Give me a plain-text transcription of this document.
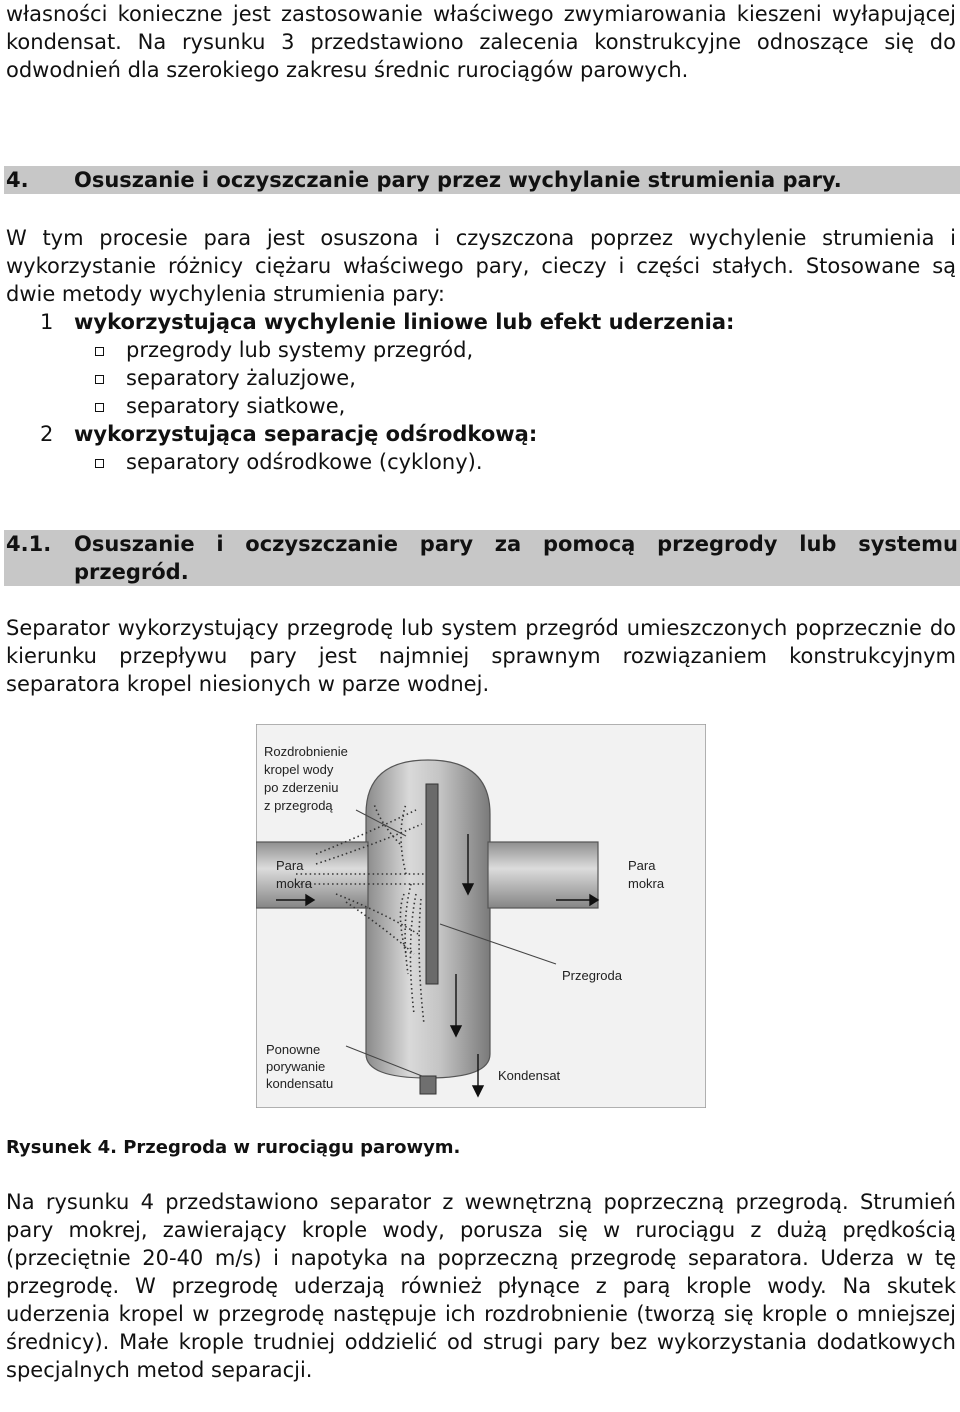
własności konieczne jest zastosowanie właściwego zwymiarowania kieszeni wyłapującej kondensat. Na rysunku 3 przedstawiono zalecenia konstrukcyjne odnoszące się do odwodnień dla szerokiego zakresu średnic rurociągów parowych.

4. Osuszanie i oczyszczanie pary przez wychylanie strumienia pary.

W tym procesie para jest osuszona i czyszczona poprzez wychylenie strumienia i wykorzystanie różnicy ciężaru właściwego pary, cieczy i części stałych. Stosowane są dwie metody wychylenia strumienia pary:

1 wykorzystująca wychylenie liniowe lub efekt uderzenia:
przegrody lub systemy przegród,
separatory żaluzjowe,
separatory siatkowe,
2 wykorzystująca separację odśrodkową:
separatory odśrodkowe (cyklony).
4.1.	Osuszanie i oczyszczanie pary za pomocą przegrody lub systemu przegród.

Separator wykorzystujący przegrodę lub system przegród umieszczonych poprzecznie do kierunku przepływu pary jest najmniej sprawnym rozwiązaniem konstrukcyjnym separatora kropel niesionych w parze wodnej.

Rozdrobnienie kropel wody po zderzeniu z przegrodą
Para mokra
Para mokra
Przegroda
Ponowne porywanie kondensatu
Kondensat
Rysunek 4. Przegroda w rurociągu parowym.

Na rysunku 4 przedstawiono separator z wewnętrzną poprzeczną przegrodą. Strumień pary mokrej, zawierający krople wody, porusza się w rurociągu z dużą prędkością (przeciętnie 20-40 m/s) i napotyka na poprzeczną przegrodę separatora. Uderza w tę przegrodę. W przegrodę uderzają również płynące z parą krople wody. Na skutek uderzenia kropel w przegrodę następuje ich rozdrobnienie (tworzą się krople o mniejszej średnicy). Małe krople trudniej oddzielić od strugi pary bez wykorzystania dodatkowych specjalnych metod separacji.
